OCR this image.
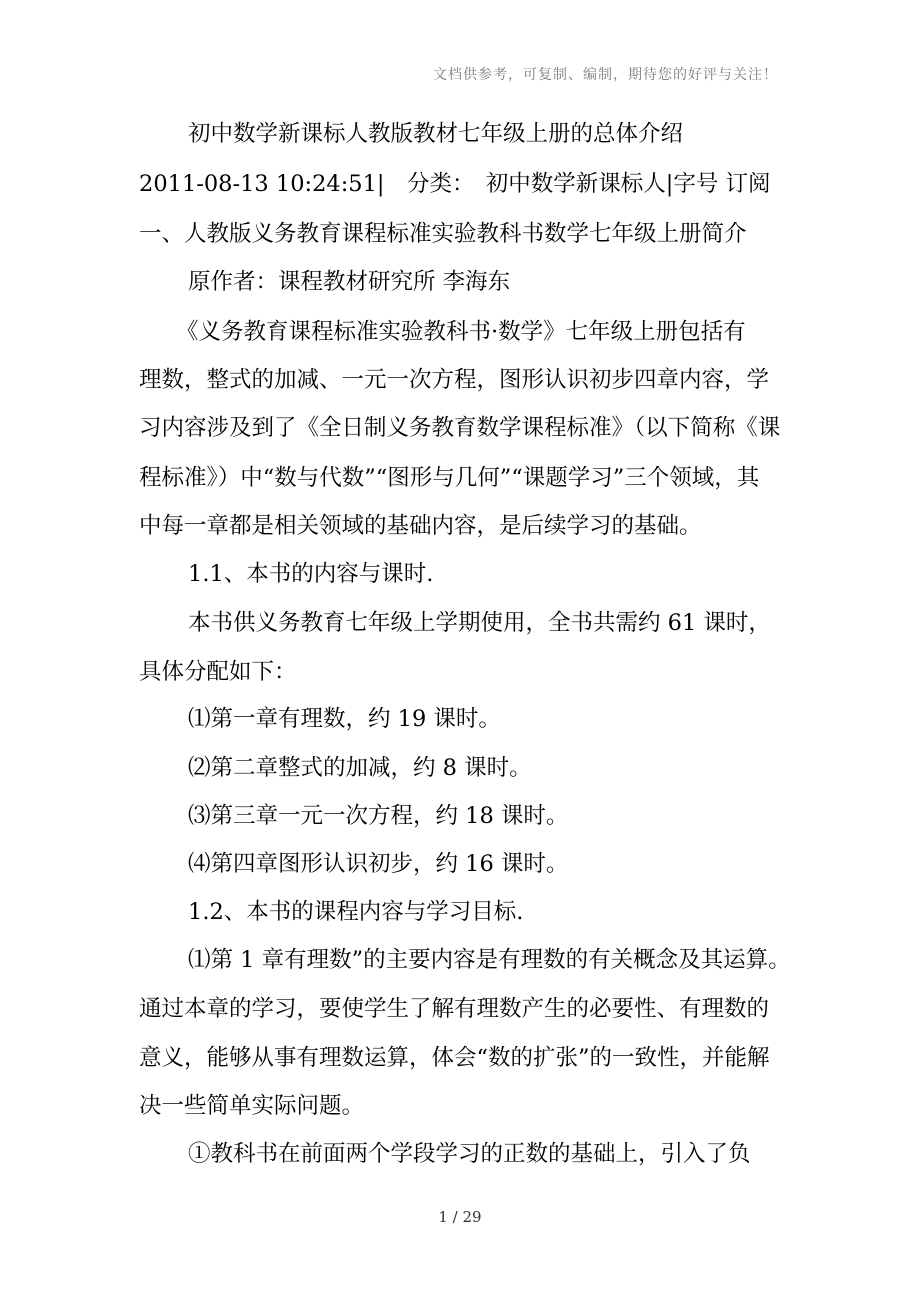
文档供参考，可复制、编制，期待您的好评与关注！
初中数学新课标人教版教材七年级上册的总体介绍
2011-08-13 10:24:51|　分类：　初中数学新课标人|字号 订阅
一、人教版义务教育课程标准实验教科书数学七年级上册简介
原作者：课程教材研究所 李海东
《义务教育课程标准实验教科书·数学》七年级上册包括有
理数，整式的加减、一元一次方程，图形认识初步四章内容，学
习内容涉及到了《全日制义务教育数学课程标准》（以下简称《课
程标准》）中“数与代数”“图形与几何”“课题学习”三个领域，其
中每一章都是相关领域的基础内容，是后续学习的基础。
1.1、本书的内容与课时.
本书供义务教育七年级上学期使用，全书共需约 61 课时，
具体分配如下：
⑴第一章有理数，约 19 课时。
⑵第二章整式的加减，约 8 课时。
⑶第三章一元一次方程，约 18 课时。
⑷第四章图形认识初步，约 16 课时。
1.2、本书的课程内容与学习目标.
⑴第 1 章有理数”的主要内容是有理数的有关概念及其运算。
通过本章的学习，要使学生了解有理数产生的必要性、有理数的
意义，能够从事有理数运算，体会“数的扩张”的一致性，并能解
决一些简单实际问题。
①教科书在前面两个学段学习的正数的基础上，引入了负
1 / 29
